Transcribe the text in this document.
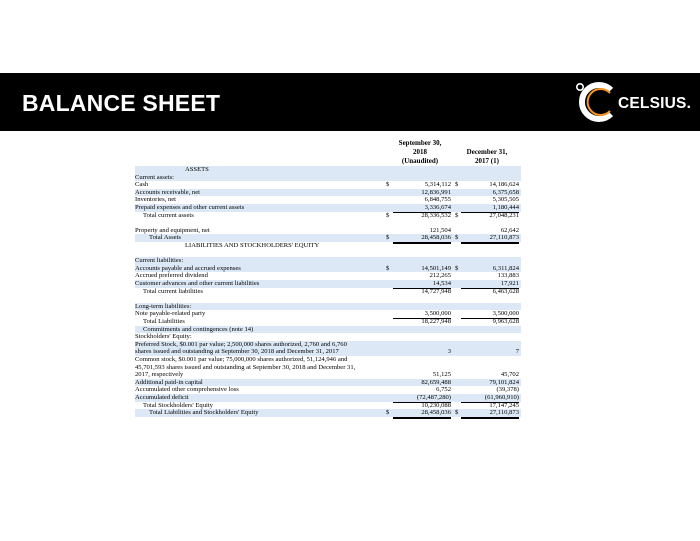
BALANCE SHEET	CELSIUS.
September 30,
2018
(Unaudited)
December 31,
2017 (1)
ASSETS
Current assets:
Cash	$	5,314,112 $	14,186,624
Accounts receivable, net	12,836,991	6,375,658
Inventories, net	6,848,755	5,305,505
Prepaid expenses and other current assets	3,336,674	1,180,444
Total current assets	$	28,336,532 $	27,048,231
Property and equipment, net	121,504	62,642
Total Assets	$	28,458,036 $	27,110,873
LIABILITIES AND STOCKHOLDERS' EQUITY
Current liabilities:
Accounts payable and accrued expenses	$	14,501,149 $	6,311,824
Accrued preferred dividend	212,265	133,883
Customer advances and other current liabilities	14,534	17,921
Total current liabilities	14,727,948	6,463,628
Long-term liabilities:
Note payable-related party	3,500,000	3,500,000
Total Liabilities	18,227,948	9,963,628
Commitments and contingences (note 14)
Stockholders' Equity:
Preferred Stock, $0.001 par value; 2,500,000 shares authorized, 2,760 and 6,760
shares issued and outstanding at September 30, 2018 and December 31, 2017	3	7
Common stock, $0.001 par value; 75,000,000 shares authorized, 51,124,946 and
45,701,593 shares issued and outstanding at September 30, 2018 and December 31,
2017, respectively	51,125	45,702
Additional paid-in capital	82,659,488	79,101,824
Accumulated other comprehensive loss	6,752	(39,378)
Accumulated deficit	(72,487,280)	(61,960,910)
Total Stockholders' Equity	10,230,088	17,147,245
Total Liabilities and Stockholders' Equity	$	28,458,036 $	27,110,873
